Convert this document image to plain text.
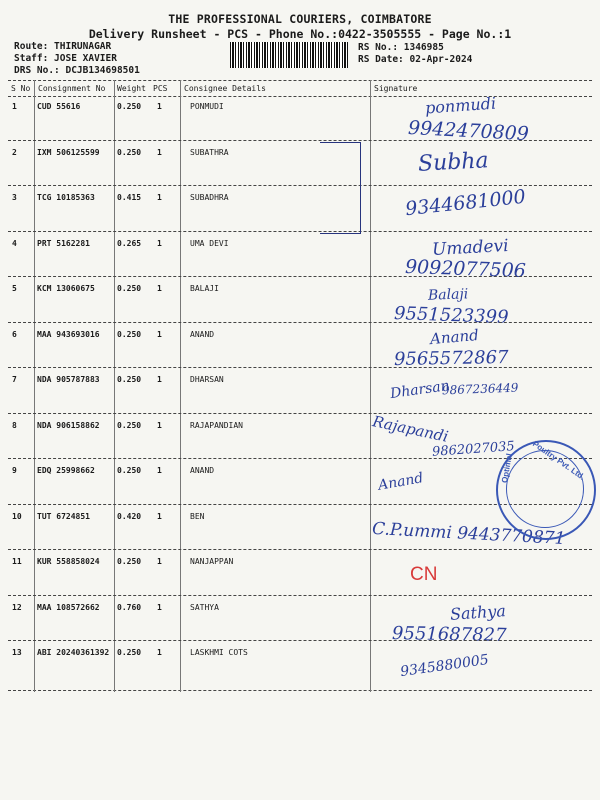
THE PROFESSIONAL COURIERS, COIMBATORE
Delivery Runsheet - PCS - Phone No.:0422-3505555 - Page No.:1
Route: THIRUNAGAR
Staff: JOSE XAVIER
DRS No.: DCJB134698501
RS No.: 1346985
RS Date: 02-Apr-2024
S No Consignment No Weight PCS Consignee Details	Signature
1	CUD 55616	0.250 1	PONMUDI	ponmudi
9942470809
2	IXM 506125599 0.250 1	SUBATHRA	Subha
3	TCG 10185363	0.415 1	SUBADHRA	9344681000
4	PRT 5162281	0.265 1	UMA DEVI	Umadevi
9092077506
5	KCM 13060675	0.250 1	BALAJI	Balaji
9551523399
6	MAA 943693016 0.250 1	ANAND	Anand
9565572867
7	NDA 905787883 0.250 1	DHARSAN	Dharsan
9867236449
8	NDA 906158862 0.250 1	RAJAPANDIAN	Rajapandi
9862027035
9	EDQ 25998662	0.250 1	ANAND	Anand
10 TUT 6724851	0.420 1	BEN
C.P.ummi 9443770871
11 KUR 558858024 0.250 1	NANJAPPAN
CN
12 MAA 108572662 0.760 1	SATHYA	Sathya
9551687827
13 ABI 20240361392 0.250 1	LASKHMI COTS	9345880005
Optimal Poultry Pvt. Ltd.
